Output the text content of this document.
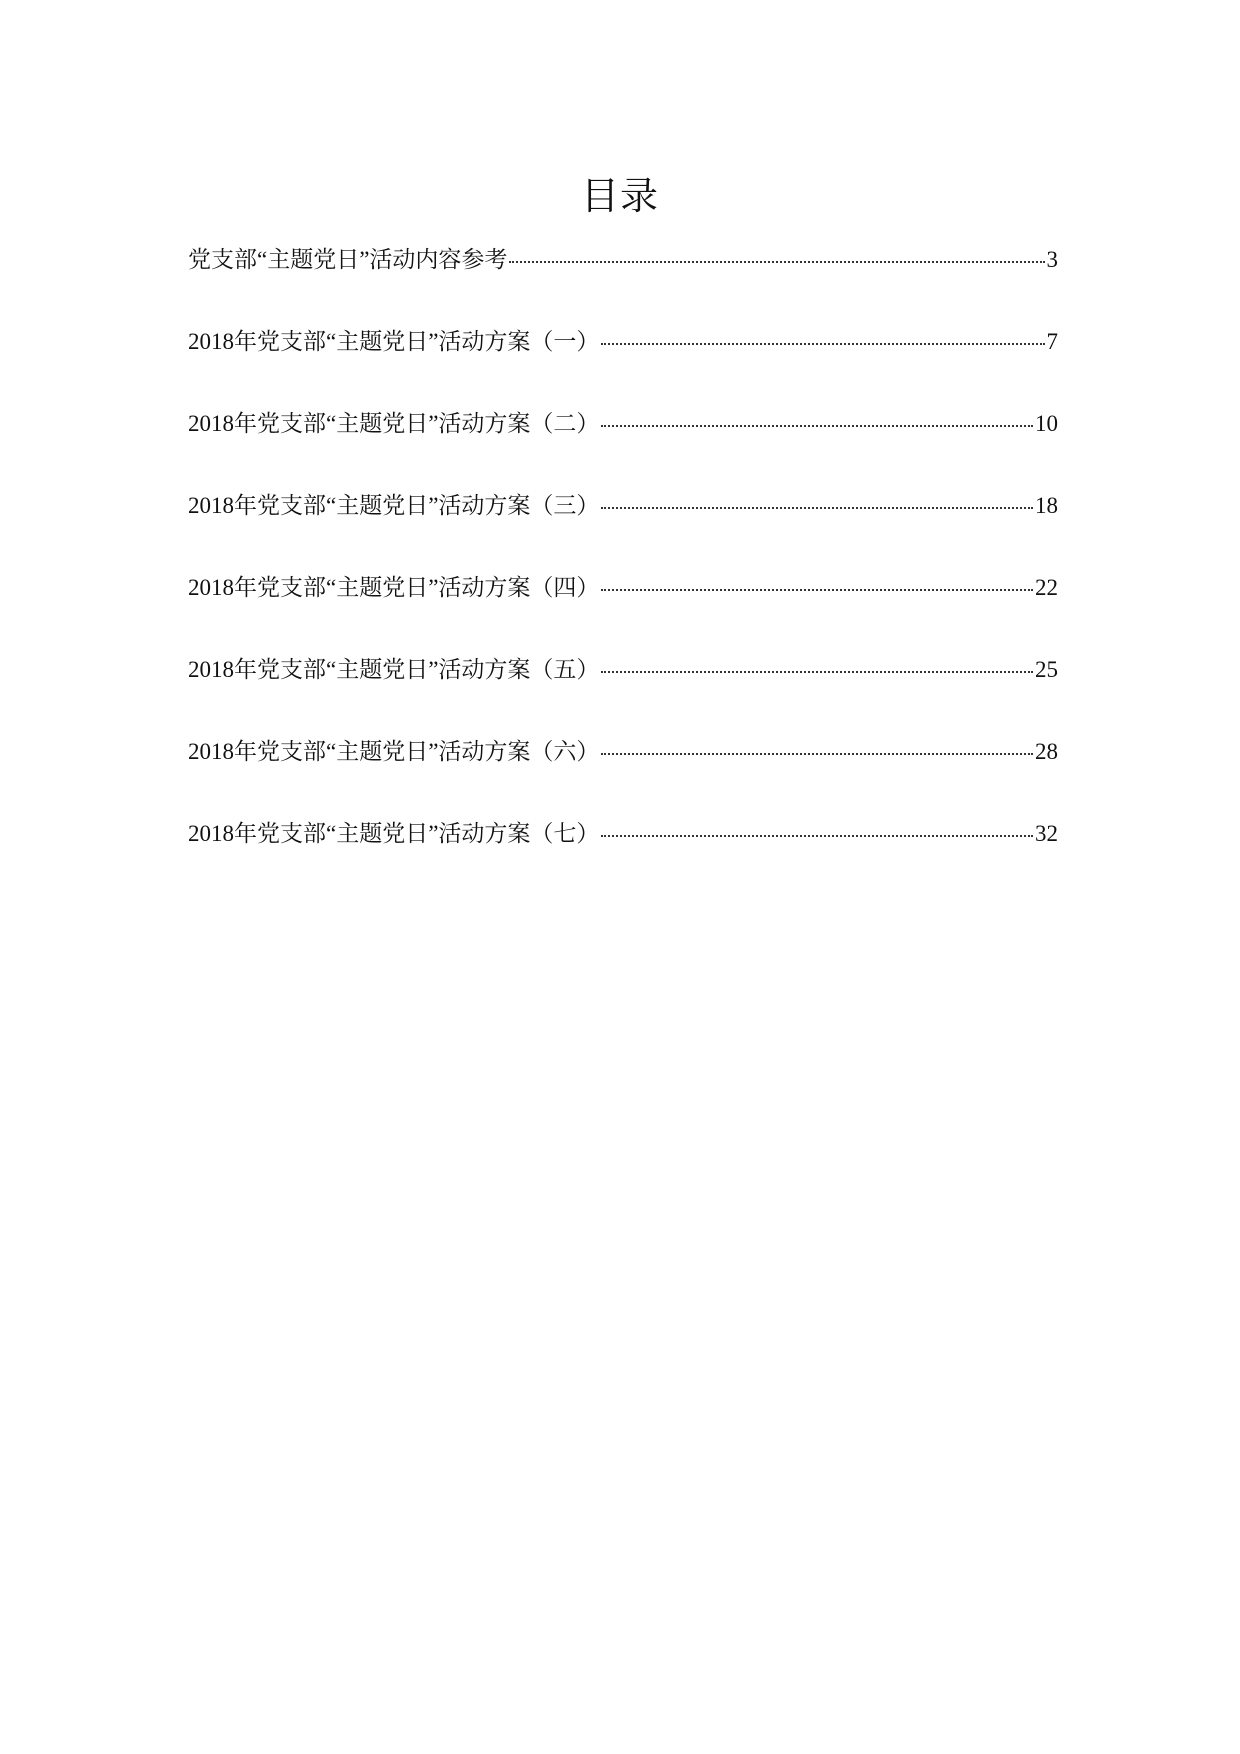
目录
党支部“主题党日”活动内容参考	3
2018年党支部“主题党日”活动方案（一）	7
2018年党支部“主题党日”活动方案（二）	10
2018年党支部“主题党日”活动方案（三）	18
2018年党支部“主题党日”活动方案（四）	22
2018年党支部“主题党日”活动方案（五）	25
2018年党支部“主题党日”活动方案（六）	28
2018年党支部“主题党日”活动方案（七）	32
